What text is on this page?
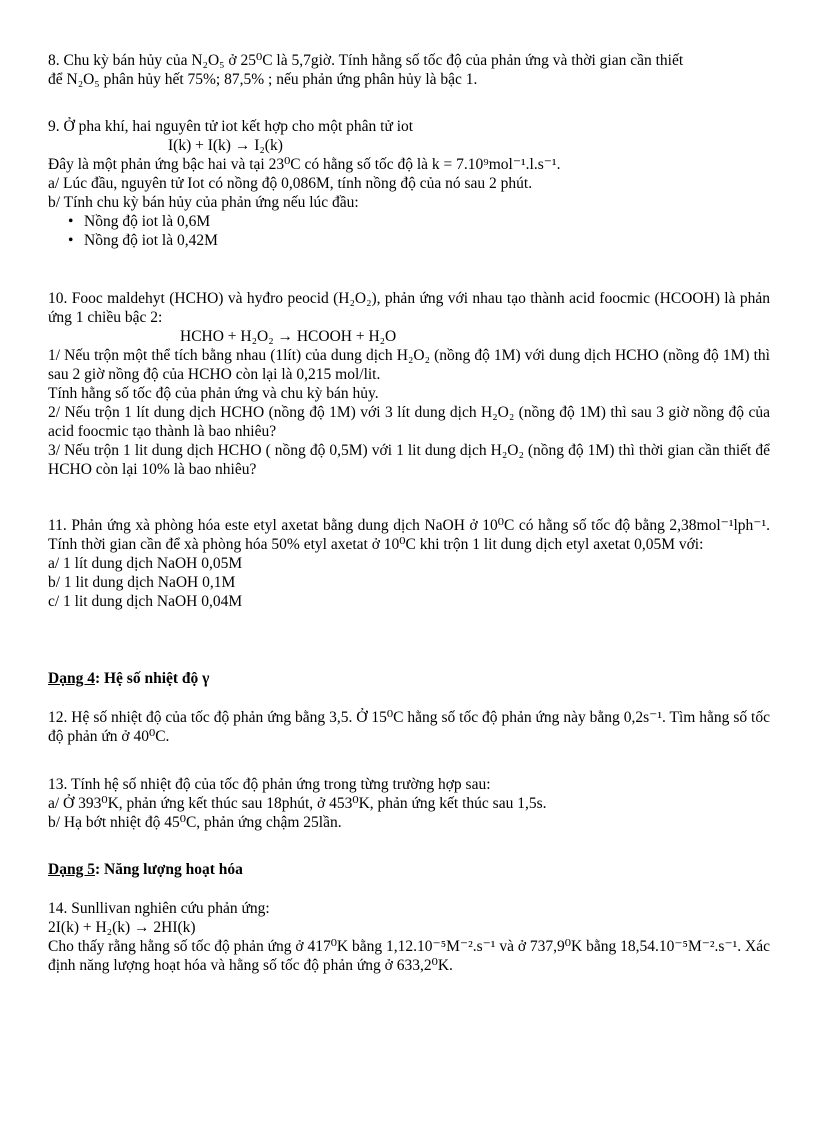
8. Chu kỳ bán hủy của N₂O₅ ở 25⁰C là 5,7giờ. Tính hằng số tốc độ của phản ứng và thời gian cần thiết

để N₂O₅ phân hủy hết 75%; 87,5% ; nếu phản ứng phân hủy là bậc 1.

9. Ở pha khí, hai nguyên tử iot kết hợp cho một phân tử iot

I(k) + I(k) → I₂(k)

Đây là một phản ứng bậc hai và tại 23⁰C có hằng số tốc độ là k = 7.10⁹mol⁻¹.l.s⁻¹.

a/ Lúc đầu, nguyên tử Iot có nồng độ 0,086M, tính nồng độ của nó sau 2 phút.

b/ Tính chu kỳ bán hủy của phản ứng nếu lúc đầu:

• Nồng độ iot là 0,6M
• Nồng độ iot là 0,42M

10. Fooc maldehyt (HCHO) và hyđro peocid (H₂O₂), phản ứng với nhau tạo thành acid foocmic (HCOOH) là phản ứng 1 chiều bậc 2:

HCHO + H₂O₂ → HCOOH + H₂O

1/ Nếu trộn một thể tích bằng nhau (1lít) của dung dịch H₂O₂ (nồng độ 1M) với dung dịch HCHO (nồng độ 1M) thì sau 2 giờ nồng độ của HCHO còn lại là 0,215 mol/lit.

Tính hằng số tốc độ của phản ứng và chu kỳ bán hủy.

2/ Nếu trộn 1 lít dung dịch HCHO (nồng độ 1M) với 3 lít dung dịch H₂O₂ (nồng độ 1M) thì sau 3 giờ nồng độ của acid foocmic tạo thành là bao nhiêu?

3/ Nếu trộn 1 lit dung dịch HCHO ( nồng độ 0,5M) với 1 lit dung dịch H₂O₂ (nồng độ 1M) thì thời gian cần thiết để HCHO còn lại 10% là bao nhiêu?

11. Phản ứng xà phòng hóa este etyl axetat bằng dung dịch NaOH ở 10⁰C có hằng số tốc độ bằng 2,38mol⁻¹lph⁻¹. Tính thời gian cần để xà phòng hóa 50% etyl axetat ở 10⁰C khi trộn 1 lit dung dịch etyl axetat 0,05M với:

a/ 1 lít dung dịch NaOH 0,05M

b/ 1 lit dung dịch NaOH 0,1M

c/ 1 lit dung dịch NaOH 0,04M

Dạng 4: Hệ số nhiệt độ γ

12. Hệ số nhiệt độ của tốc độ phản ứng bằng 3,5. Ở 15⁰C hằng số tốc độ phản ứng này bằng 0,2s⁻¹. Tìm hằng số tốc độ phản ứn ở 40⁰C.

13. Tính hệ số nhiệt độ của tốc độ phản ứng trong từng trường hợp sau:

a/ Ở 393⁰K, phản ứng kết thúc sau 18phút, ở 453⁰K, phản ứng kết thúc sau 1,5s.

b/ Hạ bớt nhiệt độ 45⁰C, phản ứng chậm 25lần.

Dạng 5: Năng lượng hoạt hóa

14. Sunllivan nghiên cứu phản ứng:

2I(k) + H₂(k) → 2HI(k)

Cho thấy rằng hằng số tốc độ phản ứng ở 417⁰K bằng 1,12.10⁻⁵M⁻².s⁻¹ và ở 737,9⁰K bằng 18,54.10⁻⁵M⁻².s⁻¹. Xác định năng lượng hoạt hóa và hằng số tốc độ phản ứng ở 633,2⁰K.
